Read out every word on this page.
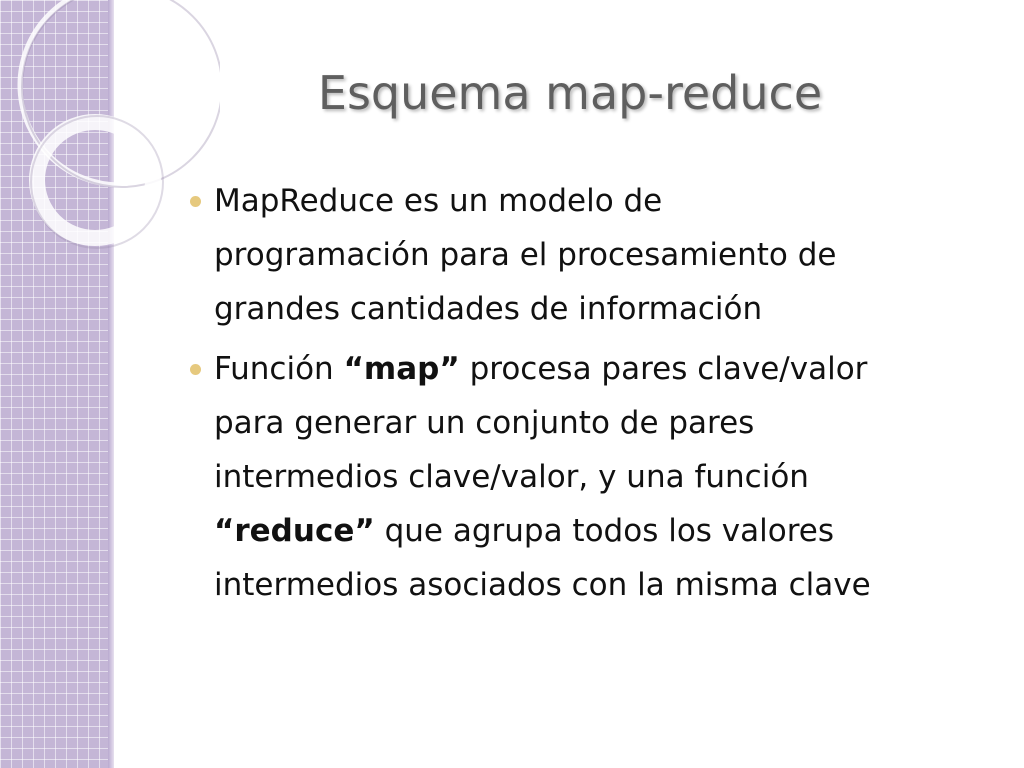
Esquema map-reduce
MapReduce es un modelo de
programación para el procesamiento de
grandes cantidades de información
Función “map” procesa pares clave/valor
para generar un conjunto de pares
intermedios clave/valor, y una función
“reduce” que agrupa todos los valores
intermedios asociados con la misma clave
